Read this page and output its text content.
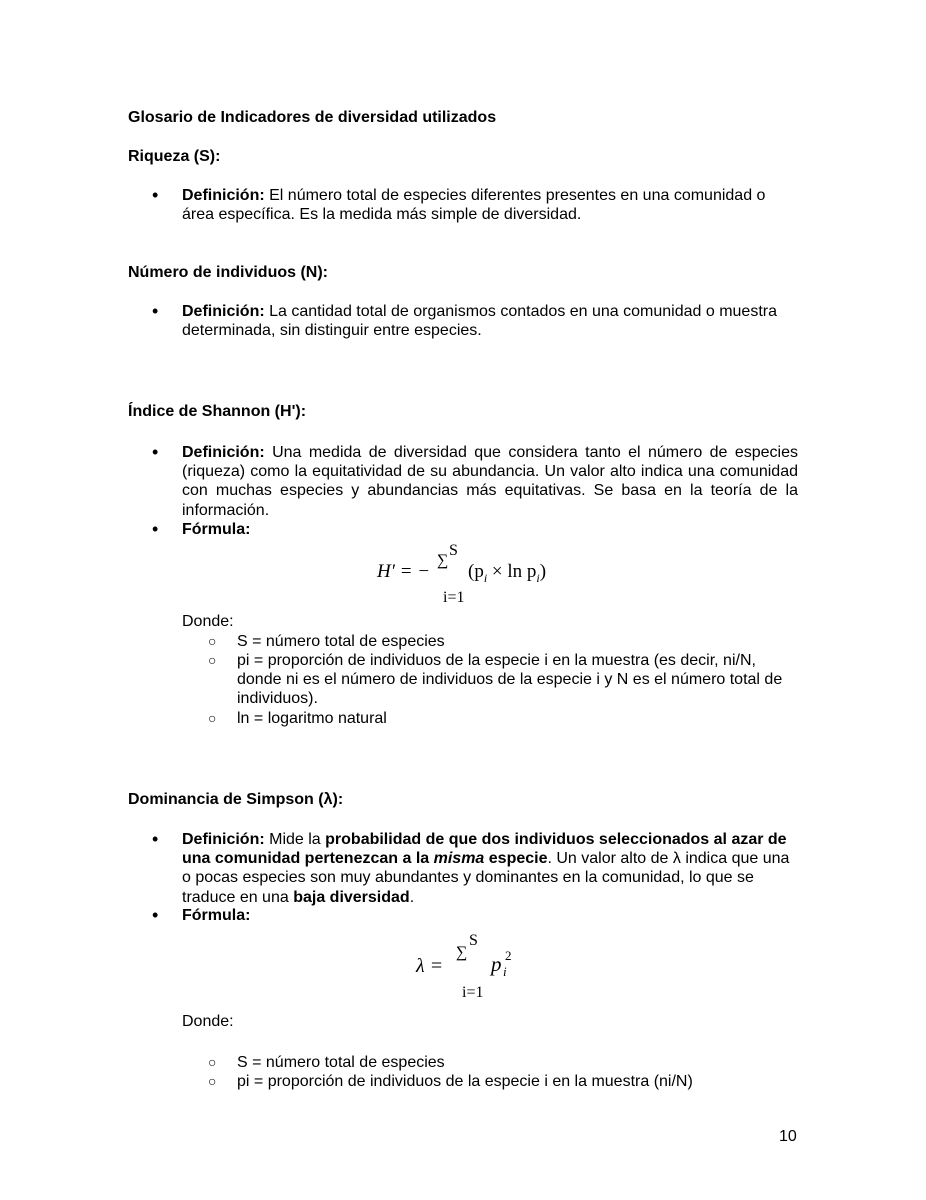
Glosario de Indicadores de diversidad utilizados
Riqueza (S):
• Definición: El número total de especies diferentes presentes en una comunidad o área específica. Es la medida más simple de diversidad.
Número de individuos (N):
• Definición: La cantidad total de organismos contados en una comunidad o muestra determinada, sin distinguir entre especies.
Índice de Shannon (H'):
• Definición: Una medida de diversidad que considera tanto el número de especies (riqueza) como la equitatividad de su abundancia. Un valor alto indica una comunidad con muchas especies y abundancias más equitativas. Se basa en la teoría de la información.
• Fórmula:
H′ = −
S
∑
i=1
$(p_i \times \ln p_i)$
Donde:
○ S = número total de especies
○ pi = proporción de individuos de la especie i en la muestra (es decir, ni/N, donde ni es el número de individuos de la especie i y N es el número total de individuos).
○ ln = logaritmo natural
Dominancia de Simpson (λ):
• Definición: Mide la probabilidad de que dos individuos seleccionados al azar de una comunidad pertenezcan a la misma especie. Un valor alto de λ indica que una o pocas especies son muy abundantes y dominantes en la comunidad, lo que se traduce en una baja diversidad.
• Fórmula:
λ =
S
∑
i=1
p 2
i
Donde:
○ S = número total de especies
○ pi = proporción de individuos de la especie i en la muestra (ni/N)
10
